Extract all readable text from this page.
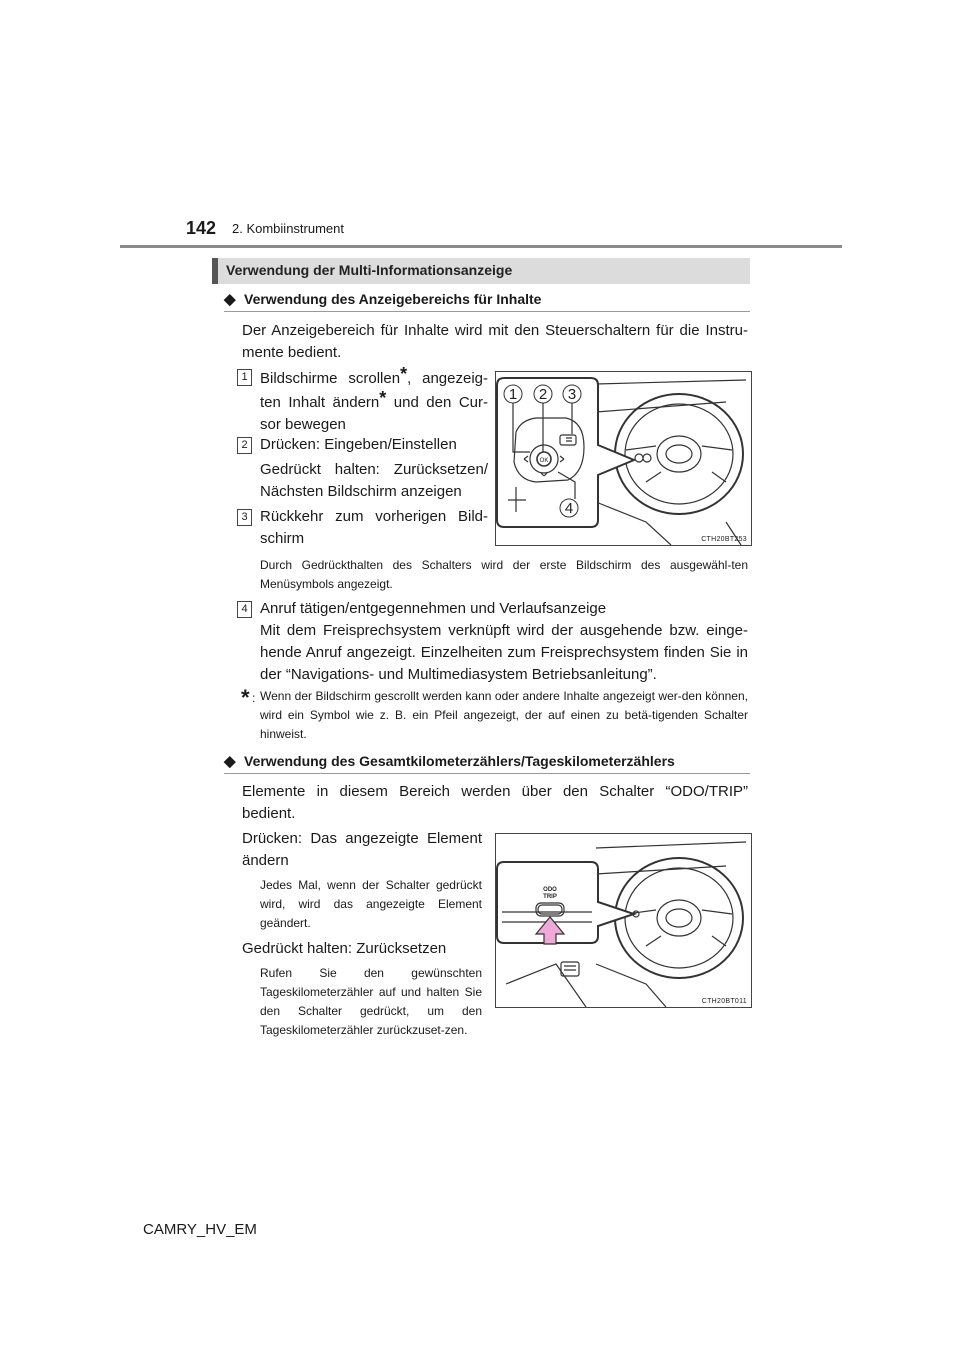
142 2. Kombiinstrument
Verwendung der Multi-Informationsanzeige
◆ Verwendung des Anzeigebereichs für Inhalte
Der Anzeigebereich für Inhalte wird mit den Steuerschaltern für die Instru-mente bedient.
1 Bildschirme scrollen*, angezeig-ten Inhalt ändern* und den Cur-sor bewegen
2 Drücken: Eingeben/Einstellen
Gedrückt halten: Zurücksetzen/ Nächsten Bildschirm anzeigen
3 Rückkehr zum vorherigen Bild-schirm
1 2 3
4
OK
CTH20BT253
Durch Gedrückthalten des Schalters wird der erste Bildschirm des ausgewähl-ten Menüsymbols angezeigt.
4 Anruf tätigen/entgegennehmen und Verlaufsanzeige
Mit dem Freisprechsystem verknüpft wird der ausgehende bzw. einge-hende Anruf angezeigt. Einzelheiten zum Freisprechsystem finden Sie in der “Navigations- und Multimediasystem Betriebsanleitung”.
* : Wenn der Bildschirm gescrollt werden kann oder andere Inhalte angezeigt wer-den können, wird ein Symbol wie z. B. ein Pfeil angezeigt, der auf einen zu betä-tigenden Schalter hinweist.
◆ Verwendung des Gesamtkilometerzählers/Tageskilometerzählers
Elemente in diesem Bereich werden über den Schalter “ODO/TRIP” bedient.
Drücken: Das angezeigte Element ändern
Jedes Mal, wenn der Schalter gedrückt wird, wird das angezeigte Element geändert.
Gedrückt halten: Zurücksetzen
Rufen Sie den gewünschten Tageskilometerzähler auf und halten Sie den Schalter gedrückt, um den Tageskilometerzähler zurückzuset-zen.
ODO
TRIP
CTH20BT011
CAMRY_HV_EM
